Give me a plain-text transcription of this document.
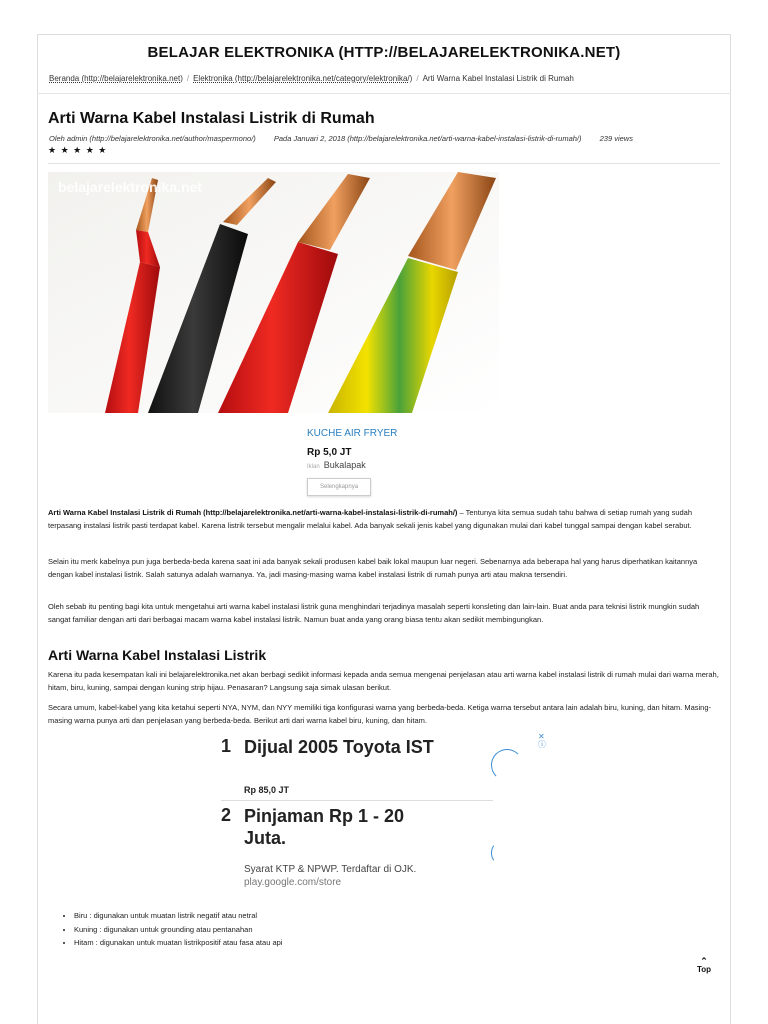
BELAJAR ELEKTRONIKA (HTTP://BELAJARELEKTRONIKA.NET)
Beranda (http://belajarelektronika.net) / Elektronika (http://belajarelektronika.net/category/elektronika/) / Arti Warna Kabel Instalasi Listrik di Rumah
Arti Warna Kabel Instalasi Listrik di Rumah
Oleh admin (http://belajarelektronika.net/author/maspermono/) Pada Januari 2, 2018 (http://belajarelektronika.net/arti-warna-kabel-instalasi-listrik-di-rumah/) 239 views
★ ★ ★ ★ ★
belajarelektronika.net
KUCHE AIR FRYER
Rp 5,0 JT
Iklan Bukalapak
Selengkapnya
Arti Warna Kabel Instalasi Listrik di Rumah (http://belajarelektronika.net/arti-warna-kabel-instalasi-listrik-di-rumah/) – Tentunya kita semua sudah tahu bahwa di setiap rumah yang sudah terpasang instalasi listrik pasti terdapat kabel. Karena listrik tersebut mengalir melalui kabel. Ada banyak sekali jenis kabel yang digunakan mulai dari kabel tunggal sampai dengan kabel serabut.
Selain itu merk kabelnya pun juga berbeda-beda karena saat ini ada banyak sekali produsen kabel baik lokal maupun luar negeri. Sebenarnya ada beberapa hal yang harus diperhatikan kaitannya dengan kabel instalasi listrik. Salah satunya adalah warnanya. Ya, jadi masing-masing warna kabel instalasi listrik di rumah punya arti atau makna tersendiri.
Oleh sebab itu penting bagi kita untuk mengetahui arti warna kabel instalasi listrik guna menghindari terjadinya masalah seperti konsleting dan lain-lain. Buat anda para teknisi listrik mungkin sudah sangat familiar dengan arti dari berbagai macam warna kabel instalasi listrik. Namun buat anda yang orang biasa tentu akan sedikit membingungkan.
Arti Warna Kabel Instalasi Listrik
Karena itu pada kesempatan kali ini belajarelektronika.net akan berbagi sedikit informasi kepada anda semua mengenai penjelasan atau arti warna kabel instalasi listrik di rumah mulai dari warna merah, hitam, biru, kuning, sampai dengan kuning strip hijau. Penasaran? Langsung saja simak ulasan berikut.
Secara umum, kabel-kabel yang kita ketahui seperti NYA, NYM, dan NYY memiliki tiga konfigurasi warna yang berbeda-beda. Ketiga warna tersebut antara lain adalah biru, kuning, dan hitam. Masing-masing warna punya arti dan penjelasan yang berbeda-beda. Berikut arti dari warna kabel biru, kuning, dan hitam.
1 Dijual 2005 Toyota IST
Rp 85,0 JT
2 Pinjaman Rp 1 - 20
Juta.
Syarat KTP & NPWP. Terdaftar di OJK.
play.google.com/store
✕
ⓘ
• Biru : digunakan untuk muatan listrik negatif atau netral
• Kuning : digunakan untuk grounding atau pentanahan
• Hitam : digunakan untuk muatan listrikpositif atau fasa atau api
⌃
Top
